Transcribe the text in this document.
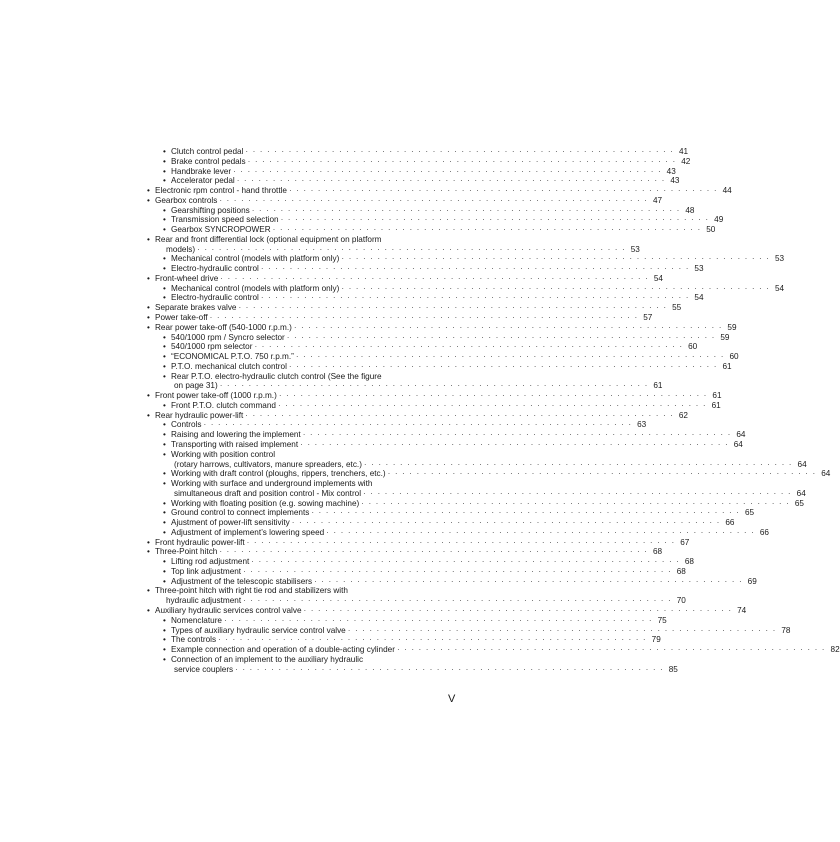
• Clutch control pedal · · · · · · · · · · · · · · · · · · · · · · · · · · · · · · · · · · · · · · · · · · · · · · · · · · · · · · · · · · · · 41
• Brake control pedals · · · · · · · · · · · · · · · · · · · · · · · · · · · · · · · · · · · · · · · · · · · · · · · · · · · · · · · · · · · · 42
• Handbrake lever · · · · · · · · · · · · · · · · · · · · · · · · · · · · · · · · · · · · · · · · · · · · · · · · · · · · · · · · · · · · 43
• Accelerator pedal · · · · · · · · · · · · · · · · · · · · · · · · · · · · · · · · · · · · · · · · · · · · · · · · · · · · · · · · · · · · 43
• Electronic rpm control - hand throttle · · · · · · · · · · · · · · · · · · · · · · · · · · · · · · · · · · · · · · · · · · · · · · · · · · · · · · · · · · · · 44
• Gearbox controls · · · · · · · · · · · · · · · · · · · · · · · · · · · · · · · · · · · · · · · · · · · · · · · · · · · · · · · · · · · · 47
• Gearshifting positions · · · · · · · · · · · · · · · · · · · · · · · · · · · · · · · · · · · · · · · · · · · · · · · · · · · · · · · · · · · · 48
• Transmission speed selection · · · · · · · · · · · · · · · · · · · · · · · · · · · · · · · · · · · · · · · · · · · · · · · · · · · · · · · · · · · · 49
• Gearbox SYNCROPOWER · · · · · · · · · · · · · · · · · · · · · · · · · · · · · · · · · · · · · · · · · · · · · · · · · · · · · · · · · · · · 50
• Rear and front differential lock (optional equipment on platform
models) · · · · · · · · · · · · · · · · · · · · · · · · · · · · · · · · · · · · · · · · · · · · · · · · · · · · · · · · · · · · 53
• Mechanical control (models with platform only) · · · · · · · · · · · · · · · · · · · · · · · · · · · · · · · · · · · · · · · · · · · · · · · · · · · · · · · · · · · · 53
• Electro-hydraulic control · · · · · · · · · · · · · · · · · · · · · · · · · · · · · · · · · · · · · · · · · · · · · · · · · · · · · · · · · · · · 53
• Front-wheel drive · · · · · · · · · · · · · · · · · · · · · · · · · · · · · · · · · · · · · · · · · · · · · · · · · · · · · · · · · · · · 54
• Mechanical control (models with platform only) · · · · · · · · · · · · · · · · · · · · · · · · · · · · · · · · · · · · · · · · · · · · · · · · · · · · · · · · · · · · 54
• Electro-hydraulic control · · · · · · · · · · · · · · · · · · · · · · · · · · · · · · · · · · · · · · · · · · · · · · · · · · · · · · · · · · · · 54
• Separate brakes valve · · · · · · · · · · · · · · · · · · · · · · · · · · · · · · · · · · · · · · · · · · · · · · · · · · · · · · · · · · · · 55
• Power take-off · · · · · · · · · · · · · · · · · · · · · · · · · · · · · · · · · · · · · · · · · · · · · · · · · · · · · · · · · · · · 57
• Rear power take-off (540-1000 r.p.m.) · · · · · · · · · · · · · · · · · · · · · · · · · · · · · · · · · · · · · · · · · · · · · · · · · · · · · · · · · · · · 59
• 540/1000 rpm / Syncro selector · · · · · · · · · · · · · · · · · · · · · · · · · · · · · · · · · · · · · · · · · · · · · · · · · · · · · · · · · · · · 59
• 540/1000 rpm selector · · · · · · · · · · · · · · · · · · · · · · · · · · · · · · · · · · · · · · · · · · · · · · · · · · · · · · · · · · · · 60
• “ECONOMICAL P.T.O. 750 r.p.m.” · · · · · · · · · · · · · · · · · · · · · · · · · · · · · · · · · · · · · · · · · · · · · · · · · · · · · · · · · · · · 60
• P.T.O. mechanical clutch control · · · · · · · · · · · · · · · · · · · · · · · · · · · · · · · · · · · · · · · · · · · · · · · · · · · · · · · · · · · · 61
• Rear P.T.O. electro-hydraulic clutch control (See the figure
on page 31) · · · · · · · · · · · · · · · · · · · · · · · · · · · · · · · · · · · · · · · · · · · · · · · · · · · · · · · · · · · · 61
• Front power take-off (1000 r.p.m.) · · · · · · · · · · · · · · · · · · · · · · · · · · · · · · · · · · · · · · · · · · · · · · · · · · · · · · · · · · · · 61
• Front P.T.O. clutch command · · · · · · · · · · · · · · · · · · · · · · · · · · · · · · · · · · · · · · · · · · · · · · · · · · · · · · · · · · · · 61
• Rear hydraulic power-lift · · · · · · · · · · · · · · · · · · · · · · · · · · · · · · · · · · · · · · · · · · · · · · · · · · · · · · · · · · · · 62
• Controls · · · · · · · · · · · · · · · · · · · · · · · · · · · · · · · · · · · · · · · · · · · · · · · · · · · · · · · · · · · · 63
• Raising and lowering the implement · · · · · · · · · · · · · · · · · · · · · · · · · · · · · · · · · · · · · · · · · · · · · · · · · · · · · · · · · · · · 64
• Transporting with raised implement · · · · · · · · · · · · · · · · · · · · · · · · · · · · · · · · · · · · · · · · · · · · · · · · · · · · · · · · · · · · 64
• Working with position control
(rotary harrows, cultivators, manure spreaders, etc.) · · · · · · · · · · · · · · · · · · · · · · · · · · · · · · · · · · · · · · · · · · · · · · · · · · · · · · · · · · · · 64
• Working with draft control (ploughs, rippers, trenchers, etc.) · · · · · · · · · · · · · · · · · · · · · · · · · · · · · · · · · · · · · · · · · · · · · · · · · · · · · · · · · · · · 64
• Working with surface and underground implements with
simultaneous draft and position control - Mix control · · · · · · · · · · · · · · · · · · · · · · · · · · · · · · · · · · · · · · · · · · · · · · · · · · · · · · · · · · · · 64
• Working with floating position (e.g. sowing machine) · · · · · · · · · · · · · · · · · · · · · · · · · · · · · · · · · · · · · · · · · · · · · · · · · · · · · · · · · · · · 65
• Ground control to connect implements · · · · · · · · · · · · · · · · · · · · · · · · · · · · · · · · · · · · · · · · · · · · · · · · · · · · · · · · · · · · 65
• Ajustment of power-lift sensitivity · · · · · · · · · · · · · · · · · · · · · · · · · · · · · · · · · · · · · · · · · · · · · · · · · · · · · · · · · · · · 66
• Adjustment of implement’s lowering speed · · · · · · · · · · · · · · · · · · · · · · · · · · · · · · · · · · · · · · · · · · · · · · · · · · · · · · · · · · · · 66
• Front hydraulic power-lift · · · · · · · · · · · · · · · · · · · · · · · · · · · · · · · · · · · · · · · · · · · · · · · · · · · · · · · · · · · · 67
• Three-Point hitch · · · · · · · · · · · · · · · · · · · · · · · · · · · · · · · · · · · · · · · · · · · · · · · · · · · · · · · · · · · · 68
• Lifting rod adjustment · · · · · · · · · · · · · · · · · · · · · · · · · · · · · · · · · · · · · · · · · · · · · · · · · · · · · · · · · · · · 68
• Top link adjustment · · · · · · · · · · · · · · · · · · · · · · · · · · · · · · · · · · · · · · · · · · · · · · · · · · · · · · · · · · · · 68
• Adjustment of the telescopic stabilisers · · · · · · · · · · · · · · · · · · · · · · · · · · · · · · · · · · · · · · · · · · · · · · · · · · · · · · · · · · · · 69
• Three-point hitch with right tie rod and stabilizers with
hydraulic adjustment · · · · · · · · · · · · · · · · · · · · · · · · · · · · · · · · · · · · · · · · · · · · · · · · · · · · · · · · · · · · 70
• Auxiliary hydraulic services control valve · · · · · · · · · · · · · · · · · · · · · · · · · · · · · · · · · · · · · · · · · · · · · · · · · · · · · · · · · · · · 74
• Nomenclature · · · · · · · · · · · · · · · · · · · · · · · · · · · · · · · · · · · · · · · · · · · · · · · · · · · · · · · · · · · · 75
• Types of auxiliary hydraulic service control valve · · · · · · · · · · · · · · · · · · · · · · · · · · · · · · · · · · · · · · · · · · · · · · · · · · · · · · · · · · · · 78
• The controls · · · · · · · · · · · · · · · · · · · · · · · · · · · · · · · · · · · · · · · · · · · · · · · · · · · · · · · · · · · · 79
• Example connection and operation of a double-acting cylinder · · · · · · · · · · · · · · · · · · · · · · · · · · · · · · · · · · · · · · · · · · · · · · · · · · · · · · · · · · · · 82
• Connection of an implement to the auxiliary hydraulic
service couplers · · · · · · · · · · · · · · · · · · · · · · · · · · · · · · · · · · · · · · · · · · · · · · · · · · · · · · · · · · · · 85
V
